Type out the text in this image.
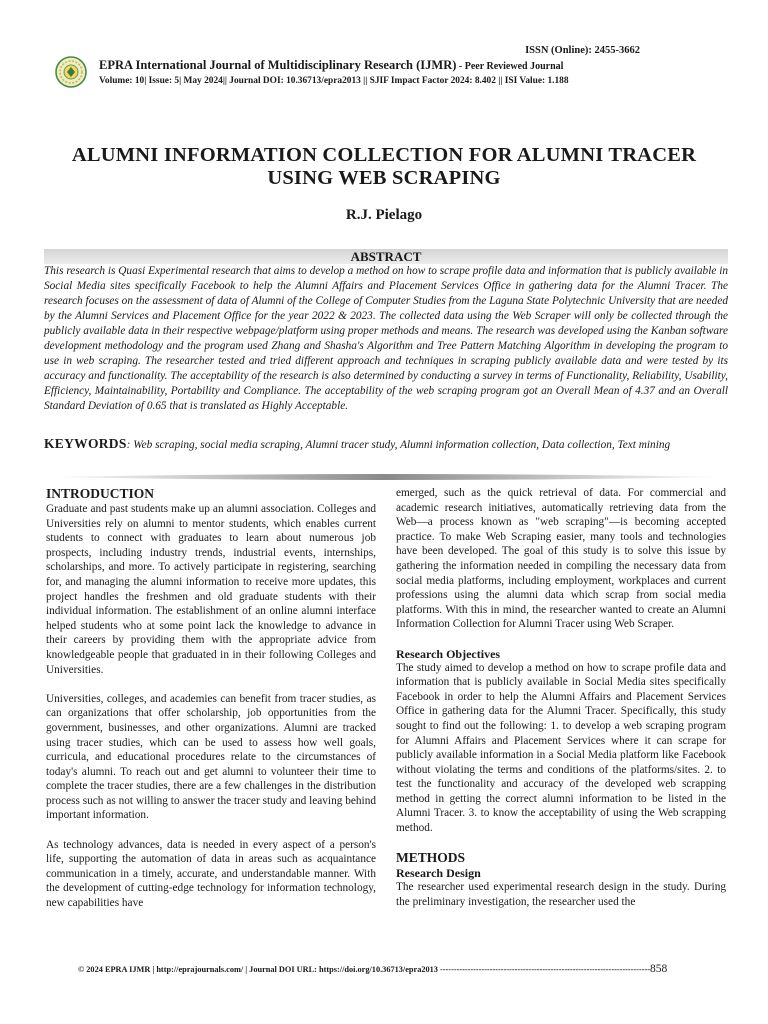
ISSN (Online): 2455-3662
EPRA International Journal of Multidisciplinary Research (IJMR) - Peer Reviewed Journal
Volume: 10| Issue: 5| May 2024|| Journal DOI: 10.36713/epra2013 || SJIF Impact Factor 2024: 8.402 || ISI Value: 1.188
ALUMNI INFORMATION COLLECTION FOR ALUMNI TRACER USING WEB SCRAPING
R.J. Pielago
ABSTRACT
This research is Quasi Experimental research that aims to develop a method on how to scrape profile data and information that is publicly available in Social Media sites specifically Facebook to help the Alumni Affairs and Placement Services Office in gathering data for the Alumni Tracer. The research focuses on the assessment of data of Alumni of the College of Computer Studies from the Laguna State Polytechnic University that are needed by the Alumni Services and Placement Office for the year 2022 & 2023. The collected data using the Web Scraper will only be collected through the publicly available data in their respective webpage/platform using proper methods and means. The research was developed using the Kanban software development methodology and the program used Zhang and Shasha's Algorithm and Tree Pattern Matching Algorithm in developing the program to use in web scraping. The researcher tested and tried different approach and techniques in scraping publicly available data and were tested by its accuracy and functionality. The acceptability of the research is also determined by conducting a survey in terms of Functionality, Reliability, Usability, Efficiency, Maintainability, Portability and Compliance. The acceptability of the web scraping program got an Overall Mean of 4.37 and an Overall Standard Deviation of 0.65 that is translated as Highly Acceptable.
KEYWORDS: Web scraping, social media scraping, Alumni tracer study, Alumni information collection, Data collection, Text mining

INTRODUCTION

Graduate and past students make up an alumni association. Colleges and Universities rely on alumni to mentor students, which enables current students to connect with graduates to learn about numerous job prospects, including industry trends, industrial events, internships, scholarships, and more. To actively participate in registering, searching for, and managing the alumni information to receive more updates, this project handles the freshmen and old graduate students with their individual information. The establishment of an online alumni interface helped students who at some point lack the knowledge to advance in their careers by providing them with the appropriate advice from knowledgeable people that graduated in in their following Colleges and Universities.

Universities, colleges, and academies can benefit from tracer studies, as can organizations that offer scholarship, job opportunities from the government, businesses, and other organizations. Alumni are tracked using tracer studies, which can be used to assess how well goals, curricula, and educational procedures relate to the circumstances of today's alumni. To reach out and get alumni to volunteer their time to complete the tracer studies, there are a few challenges in the distribution process such as not willing to answer the tracer study and leaving behind important information.

As technology advances, data is needed in every aspect of a person's life, supporting the automation of data in areas such as acquaintance communication in a timely, accurate, and understandable manner. With the development of cutting-edge technology for information technology, new capabilities have

emerged, such as the quick retrieval of data. For commercial and academic research initiatives, automatically retrieving data from the Web—a process known as "web scraping"—is becoming accepted practice. To make Web Scraping easier, many tools and technologies have been developed. The goal of this study is to solve this issue by gathering the information needed in compiling the necessary data from social media platforms, including employment, workplaces and current professions using the alumni data which scrap from social media platforms. With this in mind, the researcher wanted to create an Alumni Information Collection for Alumni Tracer using Web Scraper.

Research Objectives

The study aimed to develop a method on how to scrape profile data and information that is publicly available in Social Media sites specifically Facebook in order to help the Alumni Affairs and Placement Services Office in gathering data for the Alumni Tracer. Specifically, this study sought to find out the following: 1. to develop a web scraping program for Alumni Affairs and Placement Services where it can scrape for publicly available information in a Social Media platform like Facebook without violating the terms and conditions of the platforms/sites. 2. to test the functionality and accuracy of the developed web scrapping method in getting the correct alumni information to be listed in the Alumni Tracer. 3. to know the acceptability of using the Web scrapping method.

METHODS

Research Design

The researcher used experimental research design in the study. During the preliminary investigation, the researcher used the

© 2024 EPRA IJMR | http://eprajournals.com/ | Journal DOI URL: https://doi.org/10.36713/epra2013 ----------------------------------------------------------------------------858
